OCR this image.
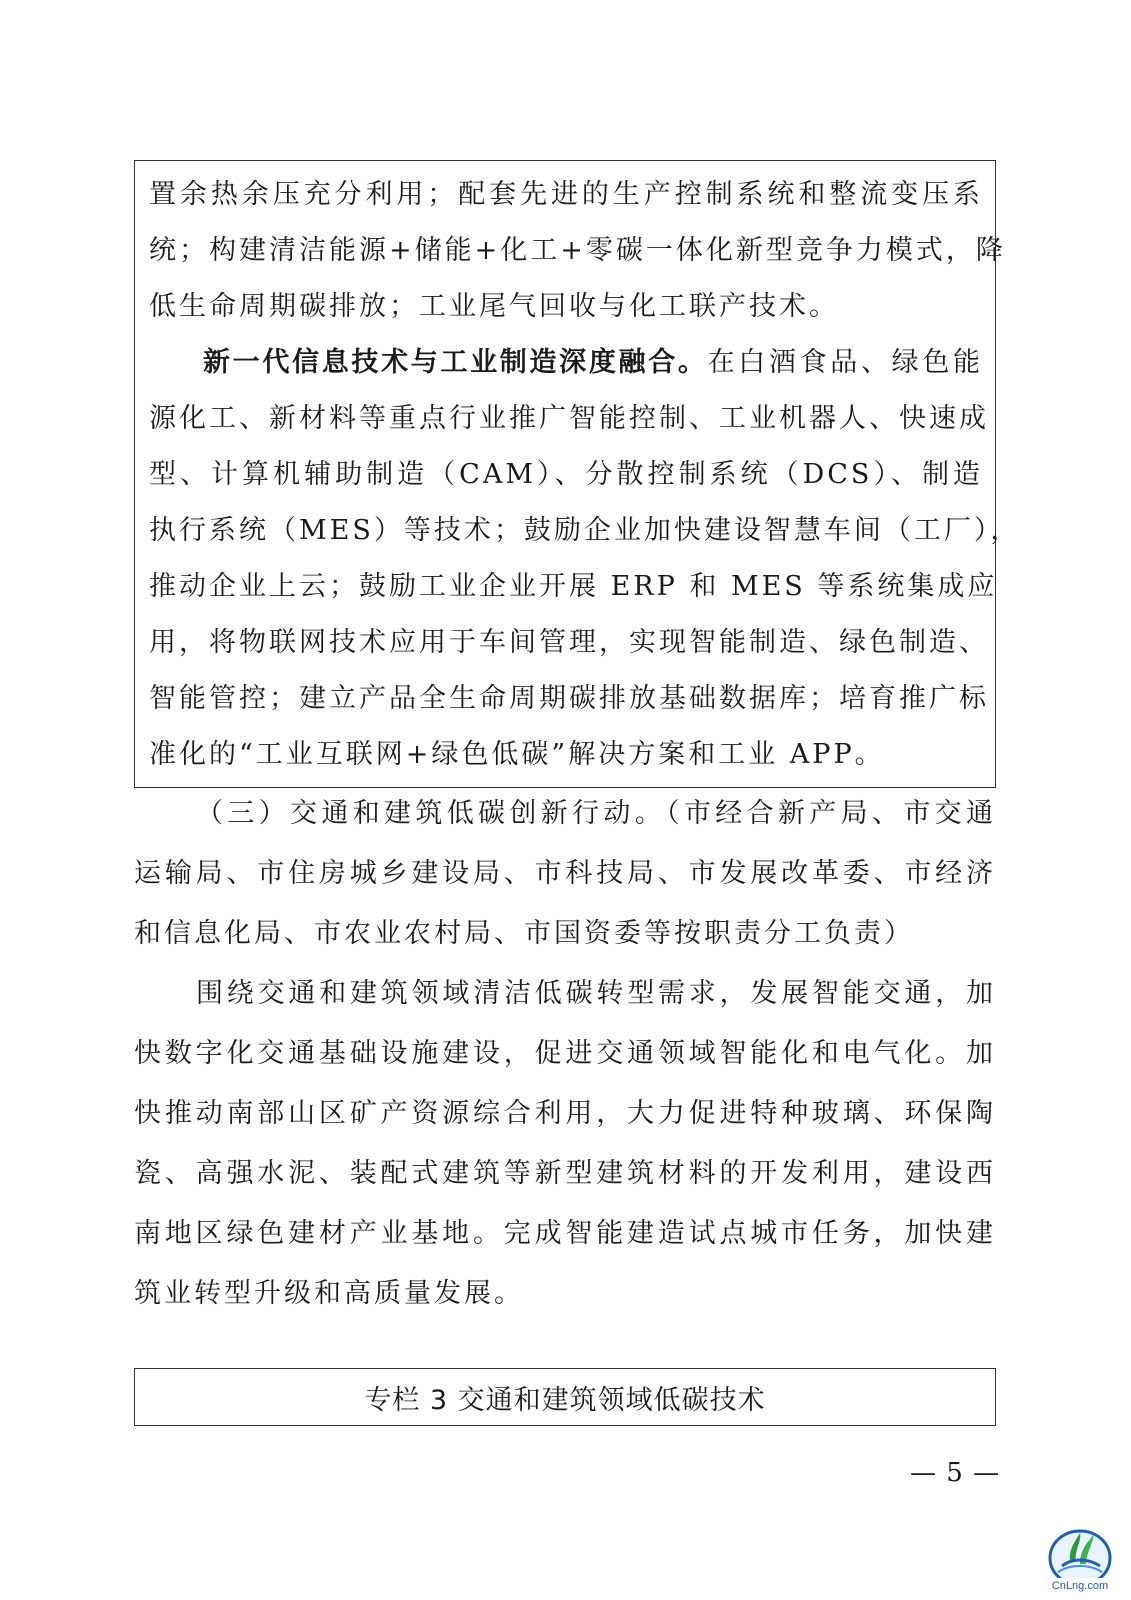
置余热余压充分利用；配套先进的生产控制系统和整流变压系
统；构建清洁能源+储能+化工+零碳一体化新型竞争力模式，降
低生命周期碳排放；工业尾气回收与化工联产技术。
新一代信息技术与工业制造深度融合。在白酒食品、绿色能
源化工、新材料等重点行业推广智能控制、工业机器人、快速成
型、计算机辅助制造（CAM）、分散控制系统（DCS）、制造
执行系统（MES）等技术；鼓励企业加快建设智慧车间（工厂），
推动企业上云；鼓励工业企业开展 ERP 和 MES 等系统集成应
用，将物联网技术应用于车间管理，实现智能制造、绿色制造、
智能管控；建立产品全生命周期碳排放基础数据库；培育推广标
准化的“工业互联网+绿色低碳”解决方案和工业 APP。
（三）交通和建筑低碳创新行动。（市经合新产局、市交通
运输局、市住房城乡建设局、市科技局、市发展改革委、市经济
和信息化局、市农业农村局、市国资委等按职责分工负责）
围绕交通和建筑领域清洁低碳转型需求，发展智能交通，加
快数字化交通基础设施建设，促进交通领域智能化和电气化。加
快推动南部山区矿产资源综合利用，大力促进特种玻璃、环保陶
瓷、高强水泥、装配式建筑等新型建筑材料的开发利用，建设西
南地区绿色建材产业基地。完成智能建造试点城市任务，加快建
筑业转型升级和高质量发展。
专栏 3 交通和建筑领域低碳技术
— 5 —
CnLng.com
